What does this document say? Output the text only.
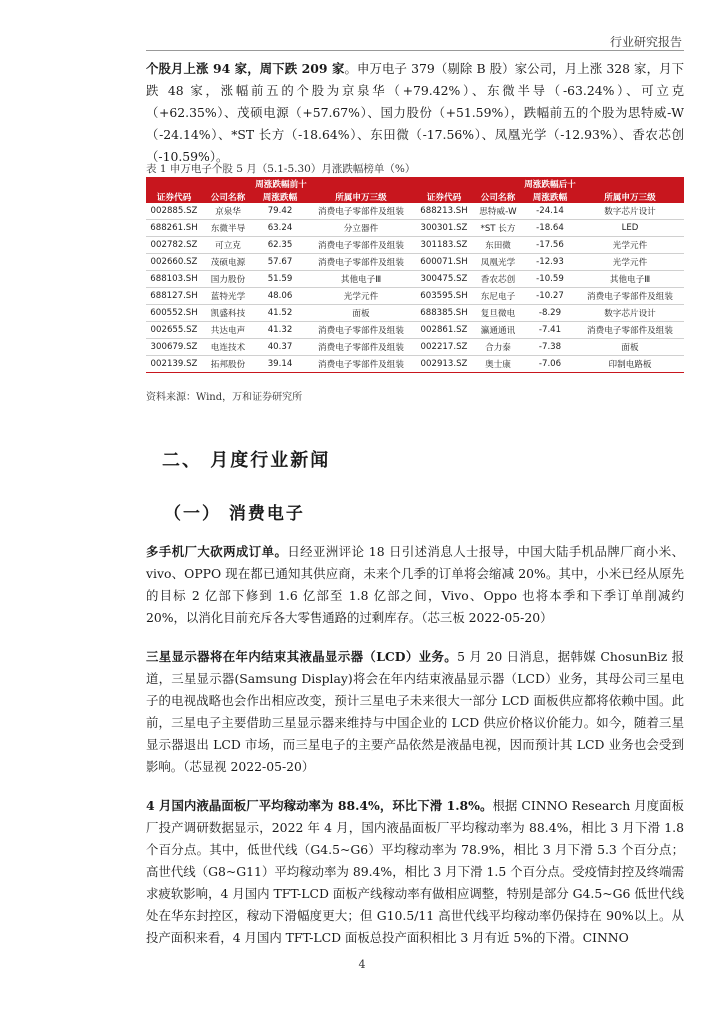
行业研究报告
个股月上涨 94 家，周下跌 209 家。申万电子 379（剔除 B 股）家公司，月上涨 328 家，月下跌 48 家，涨幅前五的个股为京泉华（+79.42%）、东微半导（-63.24%）、可立克（+62.35%）、茂硕电源（+57.67%）、国力股份（+51.59%），跌幅前五的个股为思特威-W（-24.14%）、*ST 长方（-18.64%）、东田微（-17.56%）、凤凰光学（-12.93%）、香农芯创（-10.59%）。
表 1 申万电子个股 5 月（5.1-5.30）月涨跌幅榜单（%）
周涨跌幅前十				周涨跌幅后十			
证券代码	公司名称	周涨跌幅	所属申万三级	证券代码	公司名称	周涨跌幅	所属申万三级
002885.SZ	京泉华	79.42	消费电子零部件及组装	688213.SH	思特威-W	-24.14	数字芯片设计
688261.SH	东微半导	63.24	分立器件	300301.SZ	*ST 长方	-18.64	LED
002782.SZ	可立克	62.35	消费电子零部件及组装	301183.SZ	东田微	-17.56	光学元件
002660.SZ	茂硕电源	57.67	消费电子零部件及组装	600071.SH	凤凰光学	-12.93	光学元件
688103.SH	国力股份	51.59	其他电子Ⅲ	300475.SZ	香农芯创	-10.59	其他电子Ⅲ
688127.SH	蓝特光学	48.06	光学元件	603595.SH	东尼电子	-10.27	消费电子零部件及组装
600552.SH	凯盛科技	41.52	面板	688385.SH	复旦微电	-8.29	数字芯片设计
002655.SZ	共达电声	41.32	消费电子零部件及组装	002861.SZ	瀛通通讯	-7.41	消费电子零部件及组装
300679.SZ	电连技术	40.37	消费电子零部件及组装	002217.SZ	合力泰	-7.38	面板
002139.SZ	拓邦股份	39.14	消费电子零部件及组装	002913.SZ	奥士康	-7.06	印制电路板
资料来源：Wind，万和证券研究所
二、 月度行业新闻
（一） 消费电子
多手机厂大砍两成订单。日经亚洲评论 18 日引述消息人士报导，中国大陆手机品牌厂商小米、vivo、OPPO 现在都已通知其供应商，未来个几季的订单将会缩减 20%。其中，小米已经从原先的目标 2 亿部下修到 1.6 亿部至 1.8 亿部之间，Vivo、Oppo 也将本季和下季订单削减约 20%，以消化目前充斥各大零售通路的过剩库存。（芯三板 2022-05-20）
三星显示器将在年内结束其液晶显示器（LCD）业务。5 月 20 日消息，据韩媒 ChosunBiz 报道，三星显示器(Samsung Display)将会在年内结束液晶显示器（LCD）业务，其母公司三星电子的电视战略也会作出相应改变，预计三星电子未来很大一部分 LCD 面板供应都将依赖中国。此前，三星电子主要借助三星显示器来维持与中国企业的 LCD 供应价格议价能力。如今，随着三星显示器退出 LCD 市场，而三星电子的主要产品依然是液晶电视，因而预计其 LCD 业务也会受到影响。（芯显视 2022-05-20）
4 月国内液晶面板厂平均稼动率为 88.4%，环比下滑 1.8%。根据 CINNO Research 月度面板厂投产调研数据显示，2022 年 4 月，国内液晶面板厂平均稼动率为 88.4%，相比 3 月下滑 1.8 个百分点。其中，低世代线（G4.5~G6）平均稼动率为 78.9%，相比 3 月下滑 5.3 个百分点；高世代线（G8~G11）平均稼动率为 89.4%，相比 3 月下滑 1.5 个百分点。受疫情封控及终端需求疲软影响，4 月国内 TFT-LCD 面板产线稼动率有做相应调整，特别是部分 G4.5~G6 低世代线处在华东封控区，稼动下滑幅度更大；但 G10.5/11 高世代线平均稼动率仍保持在 90%以上。从投产面积来看，4 月国内 TFT-LCD 面板总投产面积相比 3 月有近 5%的下滑。CINNO
4
